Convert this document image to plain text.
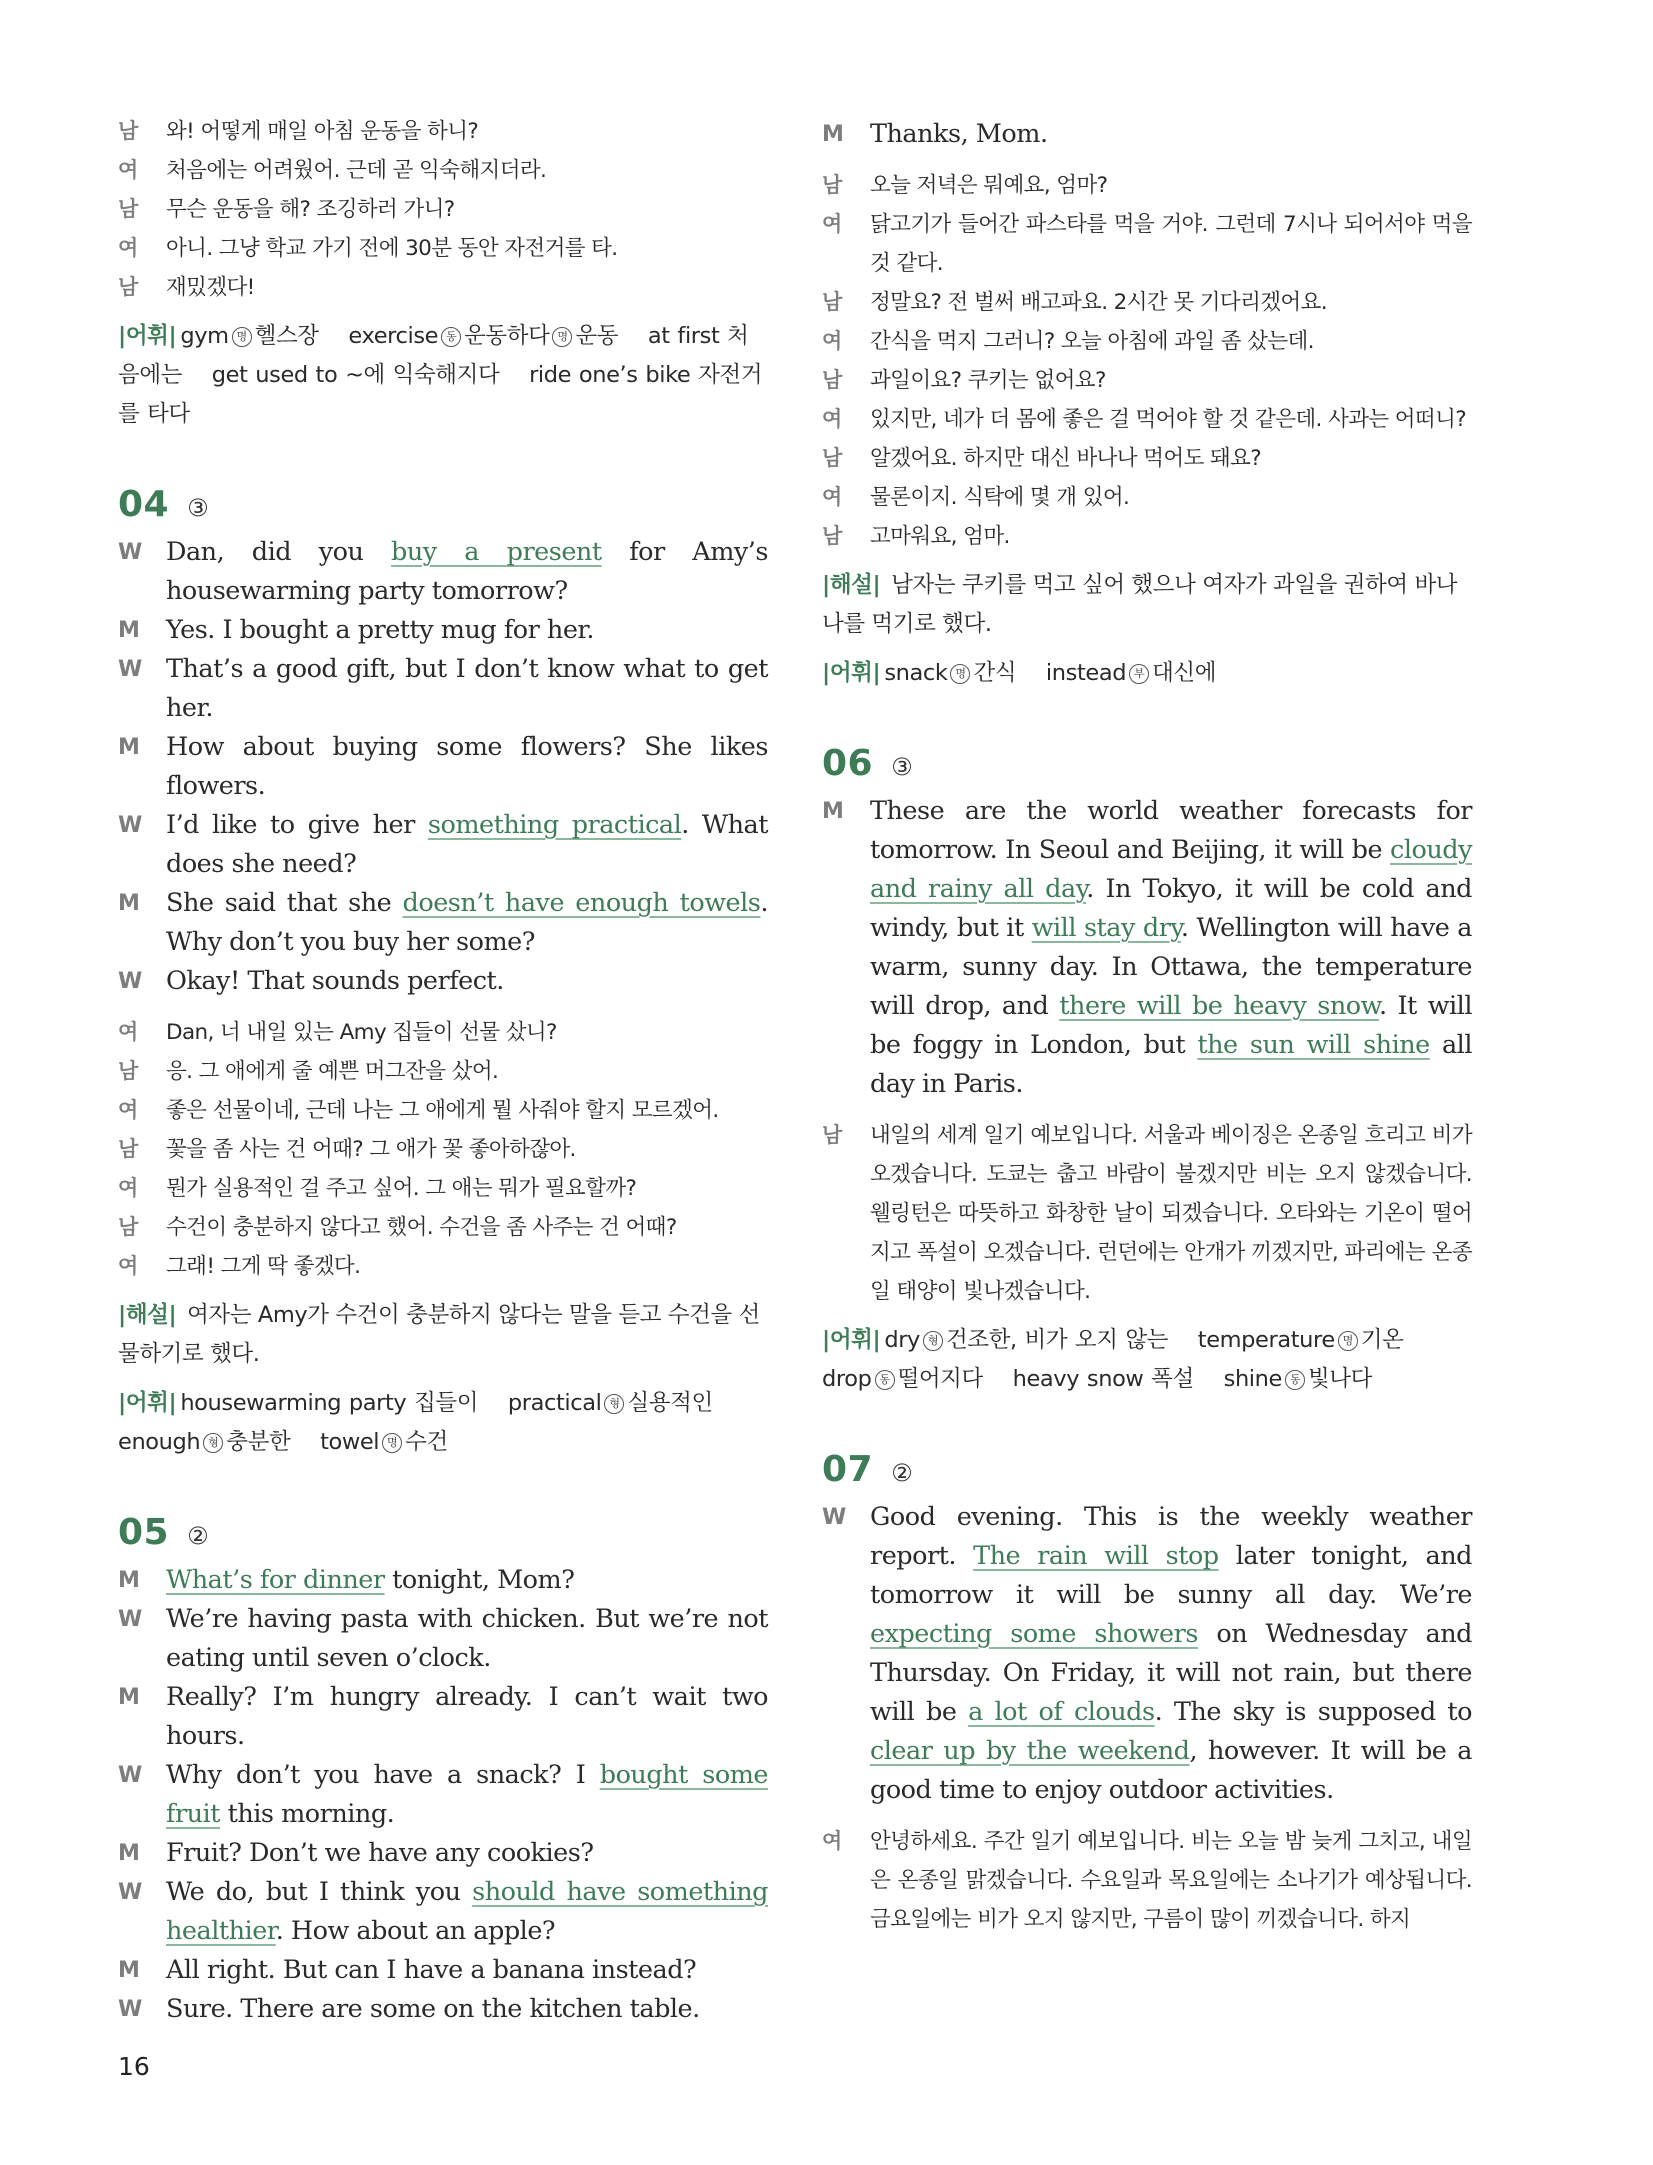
남	와! 어떻게 매일 아침 운동을 하니?
여	처음에는 어려웠어. 근데 곧 익숙해지더라.
남	무슨 운동을 해? 조깅하러 가니?
여	아니. 그냥 학교 가기 전에 30분 동안 자전거를 타.
남	재밌겠다!
|어휘| gym 명 헬스장 exercise 동 운동하다 명 운동 at first 처음에는 get used to ~에 익숙해지다 ride one’s bike 자전거를 타다
04 ③
W Dan, did you buy a present for Amy’s housewarming party tomorrow?
M	Yes. I bought a pretty mug for her.
W That’s a good gift, but I don’t know what to get her.
M	How about buying some flowers? She likes flowers.
W I’d like to give her something practical. What does she need?
M	She said that she doesn’t have enough towels. Why don’t you buy her some?
W Okay! That sounds perfect.
여	Dan, 너 내일 있는 Amy 집들이 선물 샀니?
남	응. 그 애에게 줄 예쁜 머그잔을 샀어.
여	좋은 선물이네, 근데 나는 그 애에게 뭘 사줘야 할지 모르겠어.
남	꽃을 좀 사는 건 어때? 그 애가 꽃 좋아하잖아.
여	뭔가 실용적인 걸 주고 싶어. 그 애는 뭐가 필요할까?
남	수건이 충분하지 않다고 했어. 수건을 좀 사주는 건 어때?
여	그래! 그게 딱 좋겠다.
|해설| 여자는 Amy가 수건이 충분하지 않다는 말을 듣고 수건을 선물하기로 했다.
|어휘| housewarming party 집들이 practical 형 실용적인 enough 형 충분한 towel 명 수건
05 ②
M	What’s for dinner tonight, Mom?
W We’re having pasta with chicken. But we’re not eating until seven o’clock.
M	Really? I’m hungry already. I can’t wait two hours.
W Why don’t you have a snack? I bought some fruit this morning.
M	Fruit? Don’t we have any cookies?
W We do, but I think you should have something healthier. How about an apple?
M	All right. But can I have a banana instead?
W Sure. There are some on the kitchen table.
M	Thanks, Mom.
남	오늘 저녁은 뭐예요, 엄마?
여	닭고기가 들어간 파스타를 먹을 거야. 그런데 7시나 되어서야 먹을 것 같다.
남	정말요? 전 벌써 배고파요. 2시간 못 기다리겠어요.
여	간식을 먹지 그러니? 오늘 아침에 과일 좀 샀는데.
남	과일이요? 쿠키는 없어요?
여	있지만, 네가 더 몸에 좋은 걸 먹어야 할 것 같은데. 사과는 어떠니?
남	알겠어요. 하지만 대신 바나나 먹어도 돼요?
여	물론이지. 식탁에 몇 개 있어.
남	고마워요, 엄마.
|해설| 남자는 쿠키를 먹고 싶어 했으나 여자가 과일을 권하여 바나나를 먹기로 했다.
|어휘| snack 명 간식 instead 부 대신에
06 ③
M	These are the world weather forecasts for tomorrow. In Seoul and Beijing, it will be cloudy and rainy all day. In Tokyo, it will be cold and windy, but it will stay dry. Wellington will have a warm, sunny day. In Ottawa, the temperature will drop, and there will be heavy snow. It will be foggy in London, but the sun will shine all day in Paris.
남	내일의 세계 일기 예보입니다. 서울과 베이징은 온종일 흐리고 비가 오겠습니다. 도쿄는 춥고 바람이 불겠지만 비는 오지 않겠습니다. 웰링턴은 따뜻하고 화창한 날이 되겠습니다. 오타와는 기온이 떨어지고 폭설이 오겠습니다. 런던에는 안개가 끼겠지만, 파리에는 온종일 태양이 빛나겠습니다.
|어휘| dry 형 건조한, 비가 오지 않는 temperature 명 기온 drop 동 떨어지다 heavy snow 폭설 shine 동 빛나다
07 ②
W Good evening. This is the weekly weather report. The rain will stop later tonight, and tomorrow it will be sunny all day. We’re expecting some showers on Wednesday and Thursday. On Friday, it will not rain, but there will be a lot of clouds. The sky is supposed to clear up by the weekend, however. It will be a good time to enjoy outdoor activities.
여	안녕하세요. 주간 일기 예보입니다. 비는 오늘 밤 늦게 그치고, 내일은 온종일 맑겠습니다. 수요일과 목요일에는 소나기가 예상됩니다. 금요일에는 비가 오지 않지만, 구름이 많이 끼겠습니다. 하지
16
